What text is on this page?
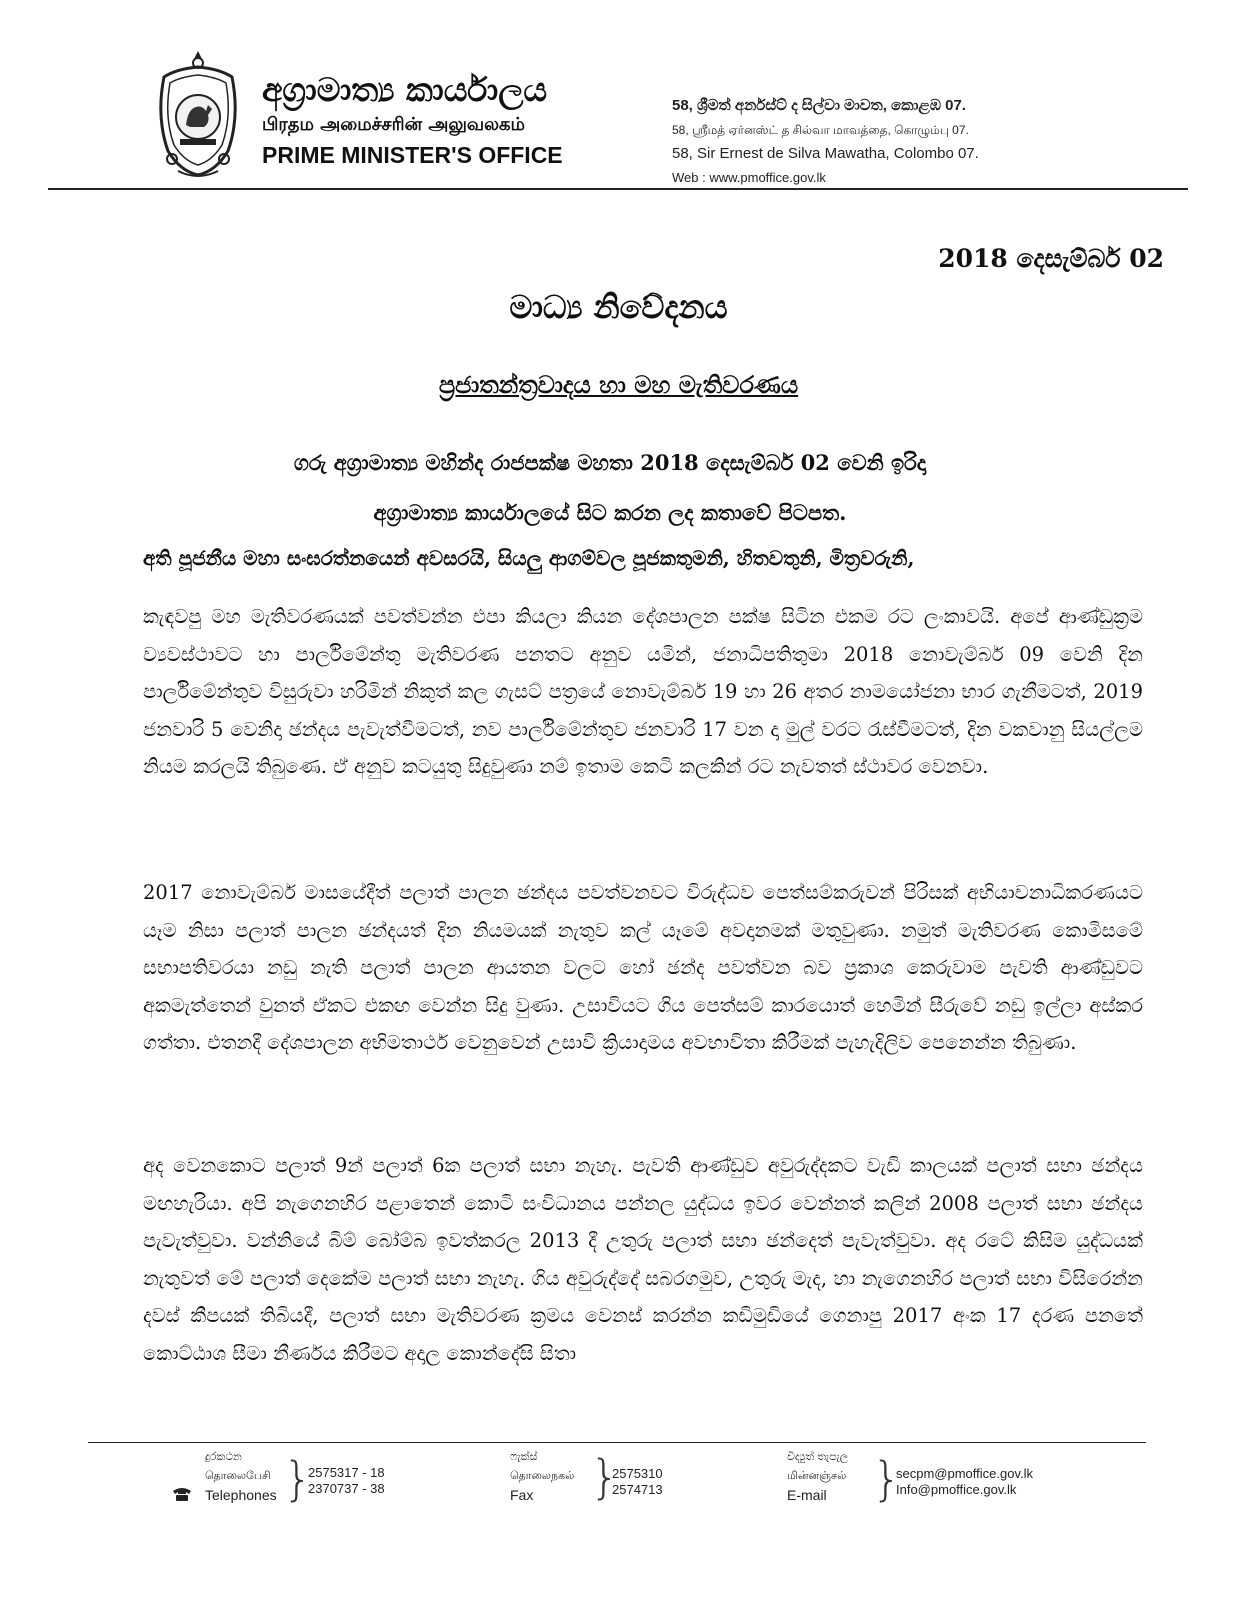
අග්‍රාමාත්‍ය කාර්යාලය
பிரதம அமைச்சரின் அலுவலகம்
PRIME MINISTER'S OFFICE
58, ශ්‍රීමත් අර්නස්ට් ද සිල්වා මාවත, කොළඹ 07.
58, ஸ்ரீமத் ஏர்னஸ்ட் த சில்வா மாவத்தை, கொழும்பு 07.
58, Sir Ernest de Silva Mawatha, Colombo 07.
Web : www.pmoffice.gov.lk
2018 දෙසැම්බර් 02
මාධ්‍ය නිවේදනය
ප්‍රජාතන්ත්‍රවාදය හා මහ මැතිවරණය
ගරු අග්‍රාමාත්‍ය මහින්ද රාජපක්ෂ මහතා 2018 දෙසැම්බර් 02 වෙනි ඉරිදා
අග්‍රාමාත්‍ය කාර්යාලයේ සිට කරන ලද කතාවේ පිටපත.
අති පූජනීය මහා සංඝරත්නයෙන් අවසරයි, සියලු ආගම්වල පූජකතුමනි, හිතවතුනි, මිත්‍රවරුනි,
කැඳවපු මහ මැතිවරණයක් පවත්වන්න එපා කියලා කියන දේශපාලන පක්ෂ සිටින එකම රට ලංකාවයි. අපේ ආණ්ඩුක්‍රම ව්‍යවස්ථාවට හා පාර්ලිමේන්තු මැතිවරණ පනතට අනුව යමින්, ජනාධිපතිතුමා 2018 නොවැම්බර් 09 වෙනි දින පාර්ලිමේන්තුව විසුරුවා හරිමින් නිකුත් කල ගැසට් පත්‍රයේ නොවැම්බර් 19 හා 26 අතර නාමයෝජනා භාර ගැනීමටත්, 2019 ජනවාරි 5 වෙනිදා ඡන්දය පැවැත්වීමටත්, නව පාර්ලිමේන්තුව ජනවාරි 17 වන දා මුල් වරට රැස්වීමටත්, දින වකවානු සියල්ලම නියම කරලයි තිබුණෙ. ඒ අනුව කටයුතු සිදුවුණා නම් ඉතාම කෙටි කලකින් රට නැවතත් ස්ථාවර වෙනවා.
2017 නොවැම්බර් මාසයේදීත් පලාත් පාලන ඡන්දය පවත්වනවට විරුද්ධව පෙත්සම්කරුවන් පිරිසක් අභියාචනාධිකරණයට යෑම නිසා පලාත් පාලන ඡන්දයත් දින නියමයක් නැතුව කල් යෑමේ අවදානමක් මතුවුණා. නමුත් මැතිවරණ කොමිසමේ සභාපතිවරයා නඩු නැති පලාත් පාලන ආයතන වලට හෝ ඡන්ද පවත්වන බව ප්‍රකාශ කෙරුවාම පැවති ආණ්ඩුවට අකමැත්තෙන් වුනත් ඒකට එකඟ වෙන්න සිදු වුණා. උසාවියට ගිය පෙත්සම් කාරයොත් හෙමින් සීරුවේ නඩු ඉල්ලා අස්කර ගත්තා. එතනදී දේශපාලන අභිමතාර්ථ වෙනුවෙන් උසාවි ක්‍රියාදාමය අවභාවිතා කිරීමක් පැහැදිලිව පෙනෙන්න තිබුණා.
අද වෙනකොට පලාත් 9න් පලාත් 6ක පලාත් සභා නැහැ. පැවති ආණ්ඩුව අවුරුද්දකට වැඩි කාලයක් පලාත් සභා ඡන්දය මඟහැරියා. අපි නැගෙනහිර පළාතෙන් කොටි සංවිධානය පන්නල යුද්ධය ඉවර වෙන්නත් කලින් 2008 පලාත් සභා ඡන්දය පැවැත්වුවා. වන්නියේ බිම් බෝම්බ ඉවත්කරල 2013 දී උතුරු පලාත් සභා ඡන්දෙත් පැවැත්වුවා. අද රටේ කිසිම යුද්ධයක් නැතුවත් මේ පලාත් දෙකේම පලාත් සභා නැහැ. ගිය අවුරුද්දේ සබරගමුව, උතුරු මැද, හා නැගෙනහිර පලාත් සභා විසිරෙන්න දවස් කීපයක් තිබියදී, පලාත් සභා මැතිවරණ ක්‍රමය වෙනස් කරන්න කඩිමුඩියේ ගෙනාපු 2017 අංක 17 දරණ පනතේ කොට්ඨාශ සීමා නීර්ණය කිරීමට අදාල කොන්දේසි සිතා
දුරකථන
தொலைபேசி
Telephones }
2575317 - 18
2370737 - 38
ෆැක්ස්
தொலைநகல்
Fax	}
2575310
2574713
විද්‍යුත් තැපැල
மின்னஞ்சல்
E-mail }
secpm@pmoffice.gov.lk
Info@pmoffice.gov.lk
